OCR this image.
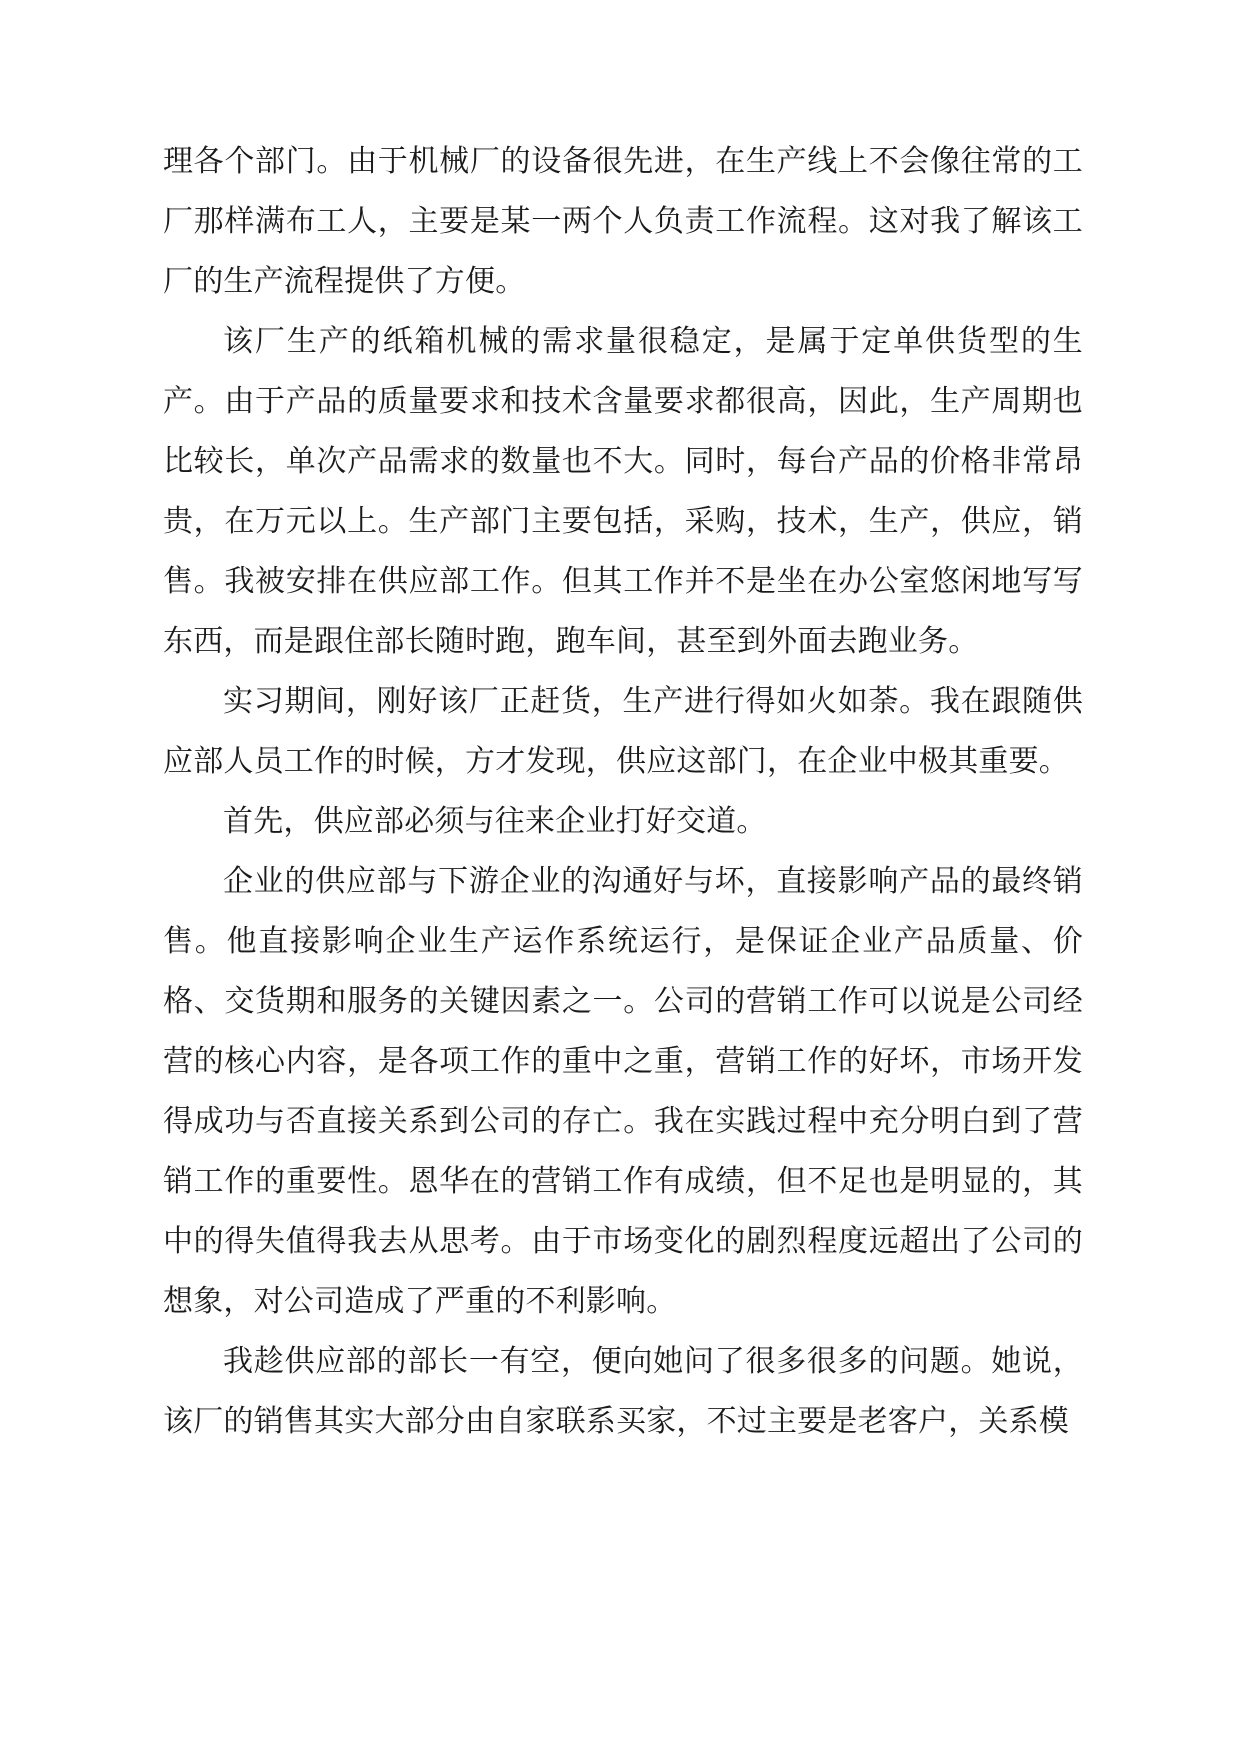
理各个部门。由于机械厂的设备很先进，在生产线上不会像往常的工厂那样满布工人，主要是某一两个人负责工作流程。这对我了解该工厂的生产流程提供了方便。

该厂生产的纸箱机械的需求量很稳定，是属于定单供货型的生产。由于产品的质量要求和技术含量要求都很高，因此，生产周期也比较长，单次产品需求的数量也不大。同时，每台产品的价格非常昂贵，在万元以上。生产部门主要包括，采购，技术，生产，供应，销售。我被安排在供应部工作。但其工作并不是坐在办公室悠闲地写写东西，而是跟住部长随时跑，跑车间，甚至到外面去跑业务。

实习期间，刚好该厂正赶货，生产进行得如火如荼。我在跟随供应部人员工作的时候，方才发现，供应这部门，在企业中极其重要。

首先，供应部必须与往来企业打好交道。

企业的供应部与下游企业的沟通好与坏，直接影响产品的最终销售。他直接影响企业生产运作系统运行，是保证企业产品质量、价格、交货期和服务的关键因素之一。公司的营销工作可以说是公司经营的核心内容，是各项工作的重中之重，营销工作的好坏，市场开发得成功与否直接关系到公司的存亡。我在实践过程中充分明白到了营销工作的重要性。恩华在的营销工作有成绩，但不足也是明显的，其中的得失值得我去从思考。由于市场变化的剧烈程度远超出了公司的想象，对公司造成了严重的不利影响。

我趁供应部的部长一有空，便向她问了很多很多的问题。她说，该厂的销售其实大部分由自家联系买家，不过主要是老客户，关系模
